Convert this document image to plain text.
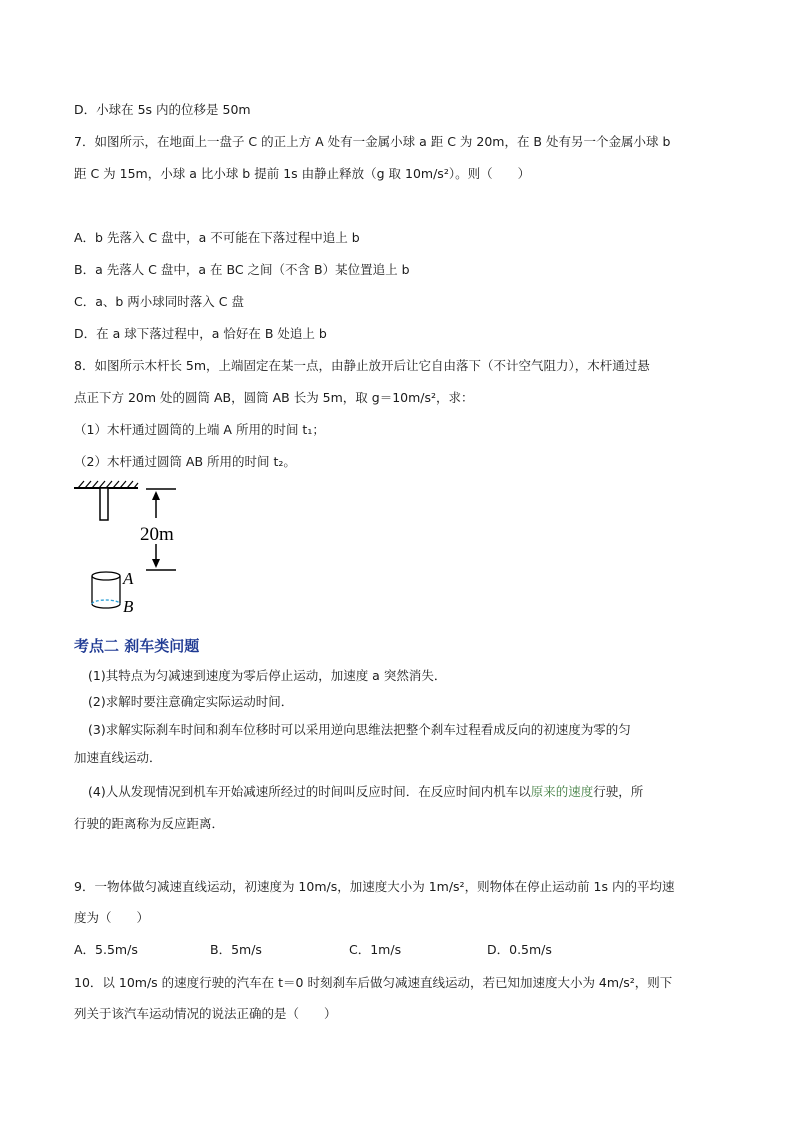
D．小球在 5s 内的位移是 50m
7．如图所示，在地面上一盘子 C 的正上方 A 处有一金属小球 a 距 C 为 20m，在 B 处有另一个金属小球 b
距 C 为 15m，小球 a 比小球 b 提前 1s 由静止释放（g 取 10m/s²）。则（　　）
A．b 先落入 C 盘中，a 不可能在下落过程中追上 b
B．a 先落人 C 盘中，a 在 BC 之间（不含 B）某位置追上 b
C．a、b 两小球同时落入 C 盘
D．在 a 球下落过程中，a 恰好在 B 处追上 b
8．如图所示木杆长 5m，上端固定在某一点，由静止放开后让它自由落下（不计空气阻力），木杆通过悬
点正下方 20m 处的圆筒 AB，圆筒 AB 长为 5m，取 g＝10m/s²，求：
（1）木杆通过圆筒的上端 A 所用的时间 t₁；
（2）木杆通过圆筒 AB 所用的时间 t₂。
20m
A
B
考点二 刹车类问题
(1)其特点为匀减速到速度为零后停止运动，加速度 a 突然消失．
(2)求解时要注意确定实际运动时间．
(3)求解实际刹车时间和刹车位移时可以采用逆向思维法把整个刹车过程看成反向的初速度为零的匀
加速直线运动．
(4)人从发现情况到机车开始减速所经过的时间叫反应时间．在反应时间内机车以原来的速度行驶，所
行驶的距离称为反应距离．
9．一物体做匀减速直线运动，初速度为 10m/s，加速度大小为 1m/s²，则物体在停止运动前 1s 内的平均速
度为（　　）
A．5.5m/s	B．5m/s	C．1m/s	D．0.5m/s
10．以 10m/s 的速度行驶的汽车在 t＝0 时刻刹车后做匀减速直线运动，若已知加速度大小为 4m/s²，则下
列关于该汽车运动情况的说法正确的是（　　）
